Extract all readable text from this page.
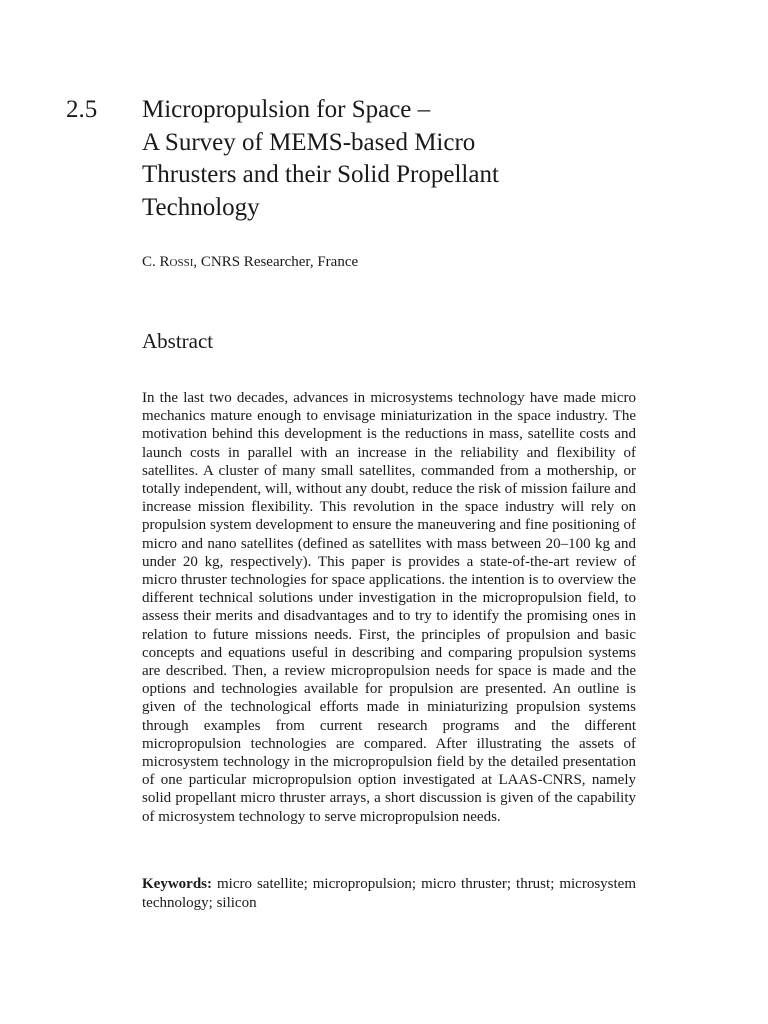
2.5	Micropropulsion for Space –
A Survey of MEMS-based Micro
Thrusters and their Solid Propellant
Technology
C. Rossi, CNRS Researcher, France
Abstract

In the last two decades, advances in microsystems technology have made micro mechanics mature enough to envisage miniaturization in the space industry. The motivation behind this development is the reductions in mass, satellite costs and launch costs in parallel with an increase in the reliability and flexibility of satellites. A cluster of many small satellites, commanded from a mothership, or totally independent, will, without any doubt, reduce the risk of mission failure and increase mission flexibility. This revolution in the space industry will rely on propulsion system development to ensure the maneuvering and fine positioning of micro and nano satellites (defined as satellites with mass between 20–100 kg and under 20 kg, respectively). This paper is provides a state-of-the-art review of micro thruster technologies for space applications. the intention is to overview the different technical solutions under investigation in the micropropulsion field, to assess their merits and disadvantages and to try to identify the promising ones in relation to future missions needs. First, the principles of propulsion and basic concepts and equations useful in describing and comparing propulsion systems are described. Then, a review micropropulsion needs for space is made and the options and technologies available for propulsion are presented. An outline is given of the technological efforts made in miniaturizing propulsion systems through examples from current research programs and the different micropropulsion technologies are compared. After illustrating the assets of microsystem technology in the micropropulsion field by the detailed presentation of one particular micropropulsion option investigated at LAAS-CNRS, namely solid propellant micro thruster arrays, a short discussion is given of the capability of microsystem technology to serve micropropulsion needs.

Keywords: micro satellite; micropropulsion; micro thruster; thrust; microsystem technology; silicon
